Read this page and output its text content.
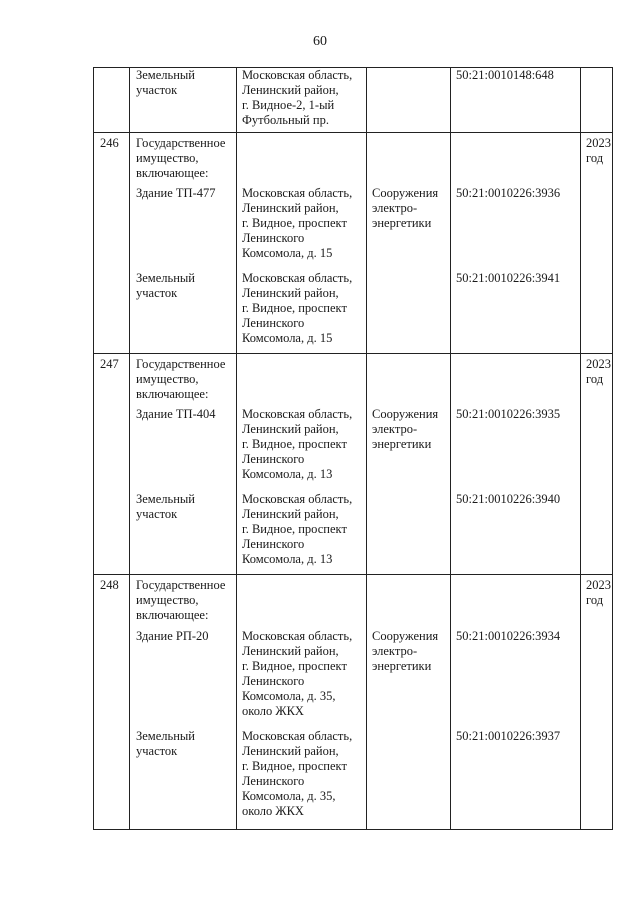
60
Земельный
участок
Московская область,
Ленинский район,
г. Видное-2, 1-ый
Футбольный пр.
50:21:0010148:648
246 Государственное
имущество,
включающее:
2023
год
Здание ТП-477 Московская область,
Ленинский район,
г. Видное, проспект
Ленинского
Комсомола, д. 15
Сооружения
электро-
энергетики
50:21:0010226:3936
Земельный
участок
Московская область,
Ленинский район,
г. Видное, проспект
Ленинского
Комсомола, д. 15
50:21:0010226:3941
247 Государственное
имущество,
включающее:
2023
год
Здание ТП-404 Московская область,
Ленинский район,
г. Видное, проспект
Ленинского
Комсомола, д. 13
Сооружения
электро-
энергетики
50:21:0010226:3935
Земельный
участок
Московская область,
Ленинский район,
г. Видное, проспект
Ленинского
Комсомола, д. 13
50:21:0010226:3940
248 Государственное
имущество,
включающее:
2023
год
Здание РП-20	Московская область,
Ленинский район,
г. Видное, проспект
Ленинского
Комсомола, д. 35,
около ЖКХ
Сооружения
электро-
энергетики
50:21:0010226:3934
Земельный
участок
Московская область,
Ленинский район,
г. Видное, проспект
Ленинского
Комсомола, д. 35,
около ЖКХ
50:21:0010226:3937
